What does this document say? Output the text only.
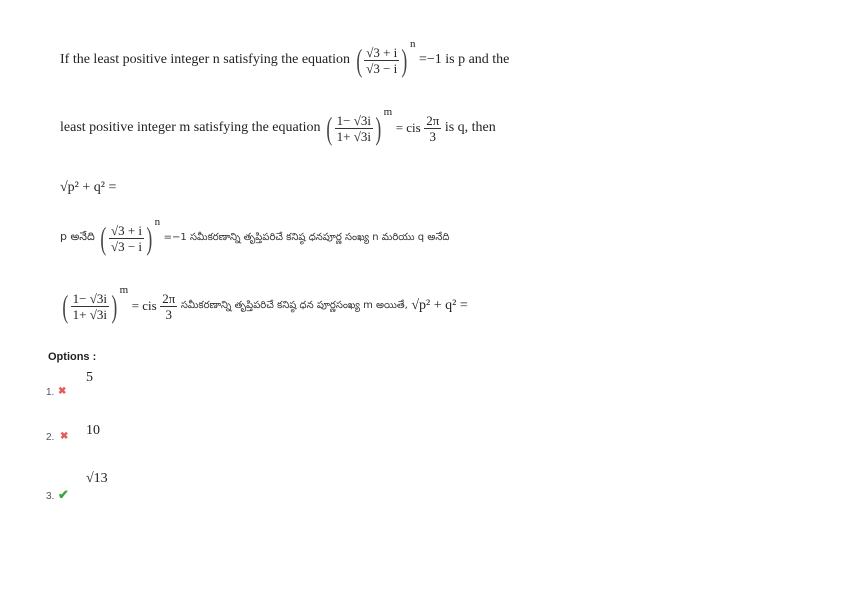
If the least positive integer n satisfying the equation ( $\frac{√3 + i}{√3 - i}$ ) $^n$ =−1 is p and the
least positive integer m satisfying the equation ( $\frac{1- √3i}{1+ √3i}$ ) $^m$ = cis $\frac{2\pi}{3}$ is q, then
√p² + q² =
p అనేది ( $\frac{√3 + i}{√3 - i}$ ) $^n$ =−1 సమీకరణాన్ని తృప్తిపరిచే కనిష్ఠ ధనపూర్ణ సంఖ్య n మరియు q అనేది
( $\frac{1- √3i}{1+ √3i}$ ) $^m$ = cis $\frac{2\pi}{3}$ సమీకరణాన్ని తృప్తిపరిచే కనిష్ఠ ధన పూర్ణసంఖ్య m అయితే, √p² + q² =
Options :
5
1. ✖
10
2. ✖
√13
3. ✔
